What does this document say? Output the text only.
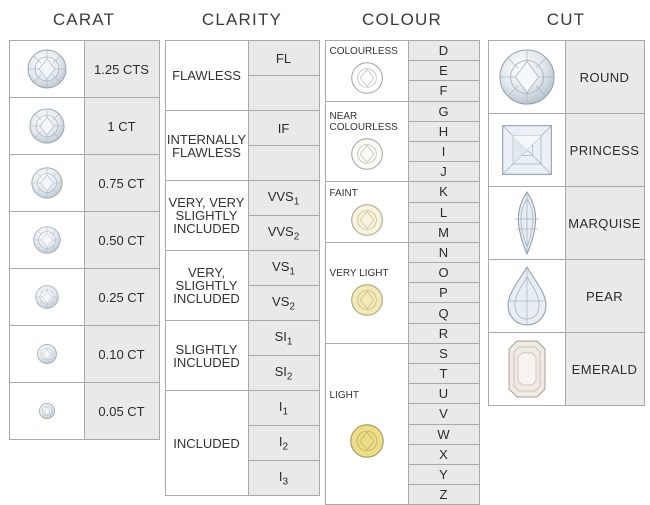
CARAT
	1.25 CTS

	1 CT

	0.75 CT

	0.50 CT

	0.25 CT

	0.10 CT

	0.05 CT
CLARITY
FLAWLESS	FL

INTERNALLY FLAWLESS	IF

VERY, VERY SLIGHTLY INCLUDED	$VVS_1$
	$VVS_2$
VERY, SLIGHTLY INCLUDED	$VS_1$
	$VS_2$
SLIGHTLY INCLUDED	$SI_1$
	$SI_2$
INCLUDED	$I_1$
	$I_2$
	$I_3$
COLOUR
COLOURLESS	D
	E
	F

NEAR COLOURLESS	G
	H
	I
	J

FAINT	K
	L
	M

VERY LIGHT	N
	O
	P
	Q
	R

LIGHT	S
	T
	U
	V
	W
	X
	Y
	Z
CUT
	ROUND

	PRINCESS

	MARQUISE

	PEAR

	EMERALD
